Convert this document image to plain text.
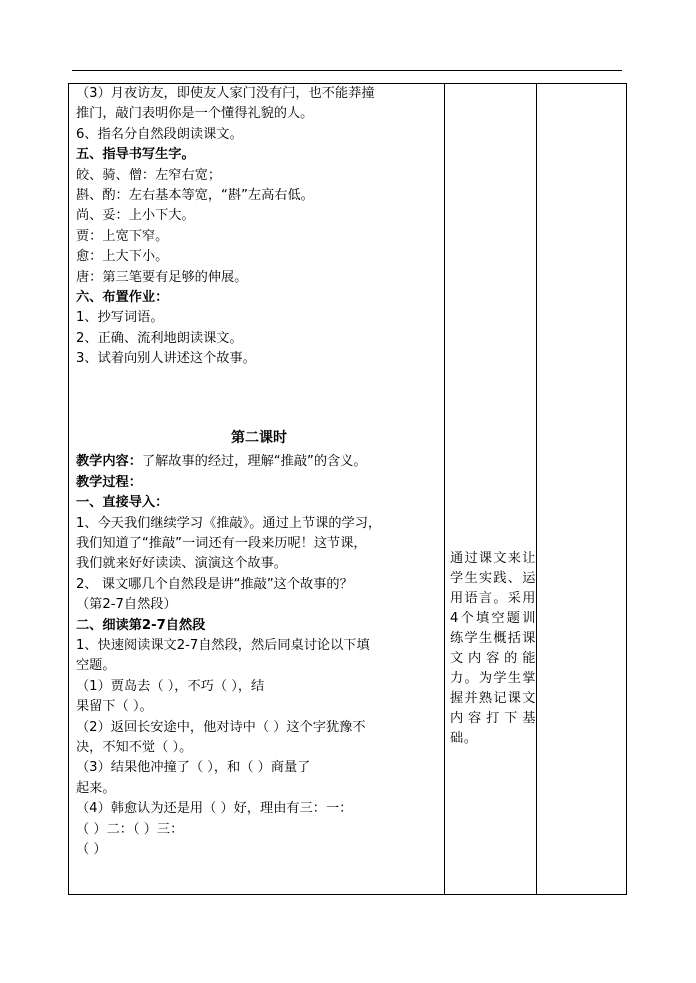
（3）月夜访友，即使友人家门没有闩，也不能莽撞
推门，敲门表明你是一个懂得礼貌的人。
6、指名分自然段朗读课文。
五、指导书写生字。
皎、骑、僧：左窄右宽；
斟、酌：左右基本等宽，“斟”左高右低。
尚、妥：上小下大。
贾：上宽下窄。
愈：上大下小。
唐：第三笔要有足够的伸展。
六、布置作业：
1、抄写词语。
2、正确、流利地朗读课文。
3、试着向别人讲述这个故事。
第二课时
教学内容：了解故事的经过，理解“推敲”的含义。
教学过程：
一、直接导入：
1、今天我们继续学习《推敲》。通过上节课的学习，
我们知道了“推敲”一词还有一段来历呢！这节课，
我们就来好好读读、演演这个故事。
2、 课文哪几个自然段是讲“推敲”这个故事的？
（第2-7自然段）
二、细读第2-7自然段
1、快速阅读课文2-7自然段，然后同桌讨论以下填
空题。
（1）贾岛去（ ），不巧（ ），结
果留下（ ）。
（2）返回长安途中，他对诗中（ ）这个字犹豫不
决，不知不觉（ ）。
（3）结果他冲撞了（ ），和（ ）商量了
起来。
（4）韩愈认为还是用（ ）好，理由有三：一：
（ ）二：（ ）三：
（ ）
通过课文来让学生实践、运用语言。采用4个填空题训练学生概括课文内容的能力。为学生掌握并熟记课文内容打下基础。
